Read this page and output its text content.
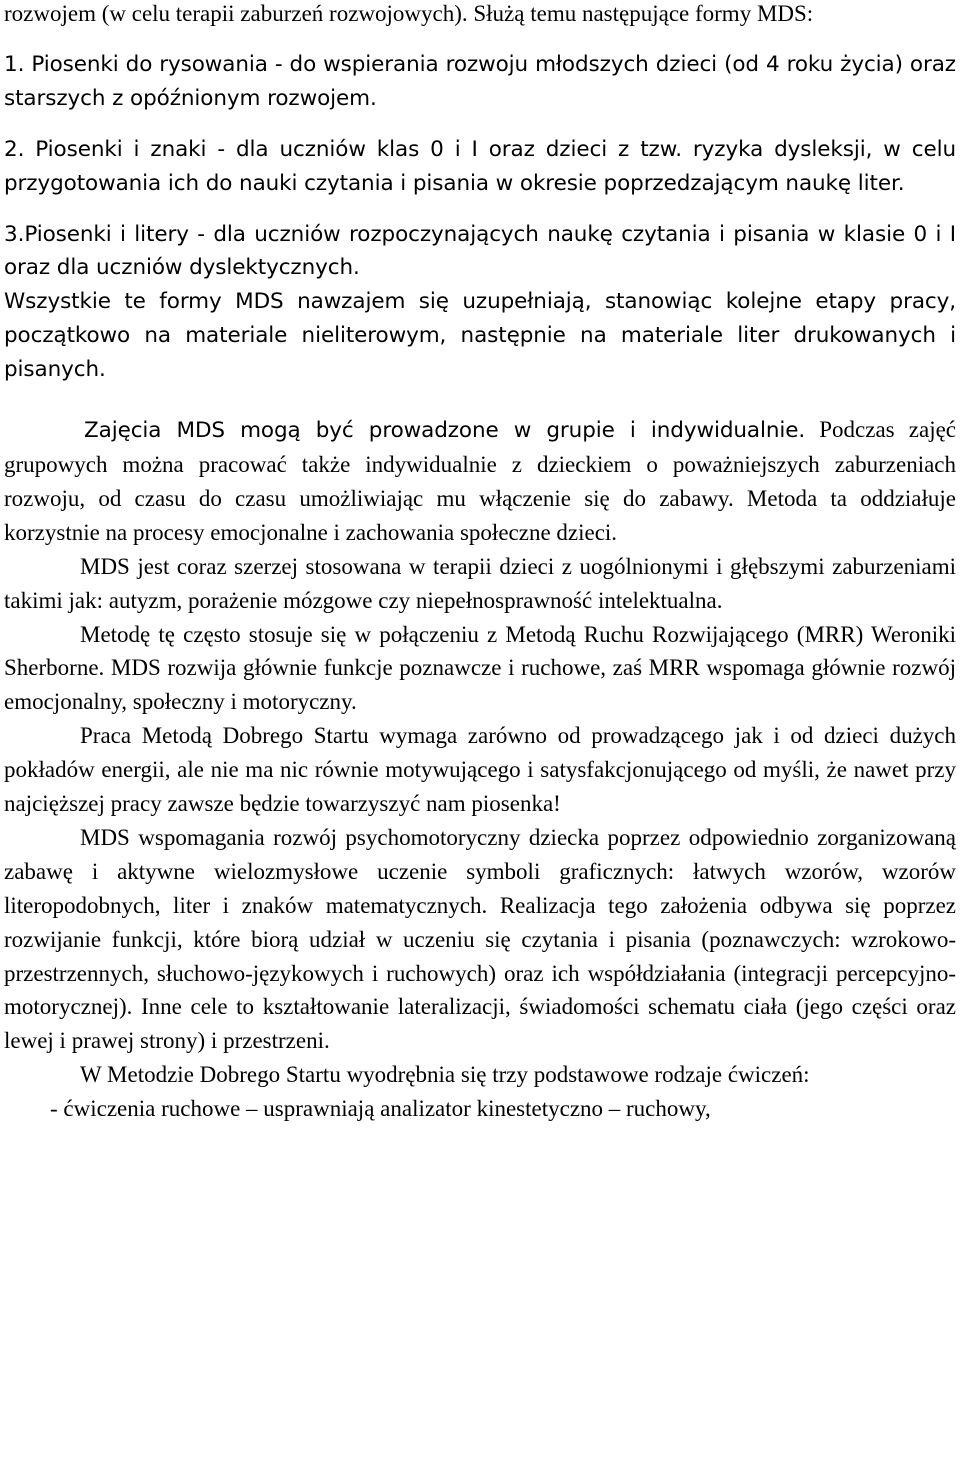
rozwojem (w celu terapii zaburzeń rozwojowych). Służą temu następujące formy MDS:

1. Piosenki do rysowania - do wspierania rozwoju młodszych dzieci (od 4 roku życia) oraz starszych z opóźnionym rozwojem.

2. Piosenki i znaki - dla uczniów klas 0 i I oraz dzieci z tzw. ryzyka dysleksji, w celu przygotowania ich do nauki czytania i pisania w okresie poprzedzającym naukę liter.

3.Piosenki i litery - dla uczniów rozpoczynających naukę czytania i pisania w klasie 0 i I oraz dla uczniów dyslektycznych.

Wszystkie te formy MDS nawzajem się uzupełniają, stanowiąc kolejne etapy pracy, początkowo na materiale nieliterowym, następnie na materiale liter drukowanych i pisanych.

Zajęcia MDS mogą być prowadzone w grupie i indywidualnie. Podczas zajęć grupowych można pracować także indywidualnie z dzieckiem o poważniejszych zaburzeniach rozwoju, od czasu do czasu umożliwiając mu włączenie się do zabawy. Metoda ta oddziałuje korzystnie na procesy emocjonalne i zachowania społeczne dzieci.

MDS jest coraz szerzej stosowana w terapii dzieci z uogólnionymi i głębszymi zaburzeniami takimi jak: autyzm, porażenie mózgowe czy niepełnosprawność intelektualna.

Metodę tę często stosuje się w połączeniu z Metodą Ruchu Rozwijającego (MRR) Weroniki Sherborne. MDS rozwija głównie funkcje poznawcze i ruchowe, zaś MRR wspomaga głównie rozwój emocjonalny, społeczny i motoryczny.

Praca Metodą Dobrego Startu wymaga zarówno od prowadzącego jak i od dzieci dużych pokładów energii, ale nie ma nic równie motywującego i satysfakcjonującego od myśli, że nawet przy najcięższej pracy zawsze będzie towarzyszyć nam piosenka!

MDS wspomagania rozwój psychomotoryczny dziecka poprzez odpowiednio zorganizowaną zabawę i aktywne wielozmysłowe uczenie symboli graficznych: łatwych wzorów, wzorów literopodobnych, liter i znaków matematycznych. Realizacja tego założenia odbywa się poprzez rozwijanie funkcji, które biorą udział w uczeniu się czytania i pisania (poznawczych: wzrokowo-przestrzennych, słuchowo-językowych i ruchowych) oraz ich współdziałania (integracji percepcyjno-motorycznej). Inne cele to kształtowanie lateralizacji, świadomości schematu ciała (jego części oraz lewej i prawej strony) i przestrzeni.

W Metodzie Dobrego Startu wyodrębnia się trzy podstawowe rodzaje ćwiczeń:

- ćwiczenia ruchowe – usprawniają analizator kinestetyczno – ruchowy,
